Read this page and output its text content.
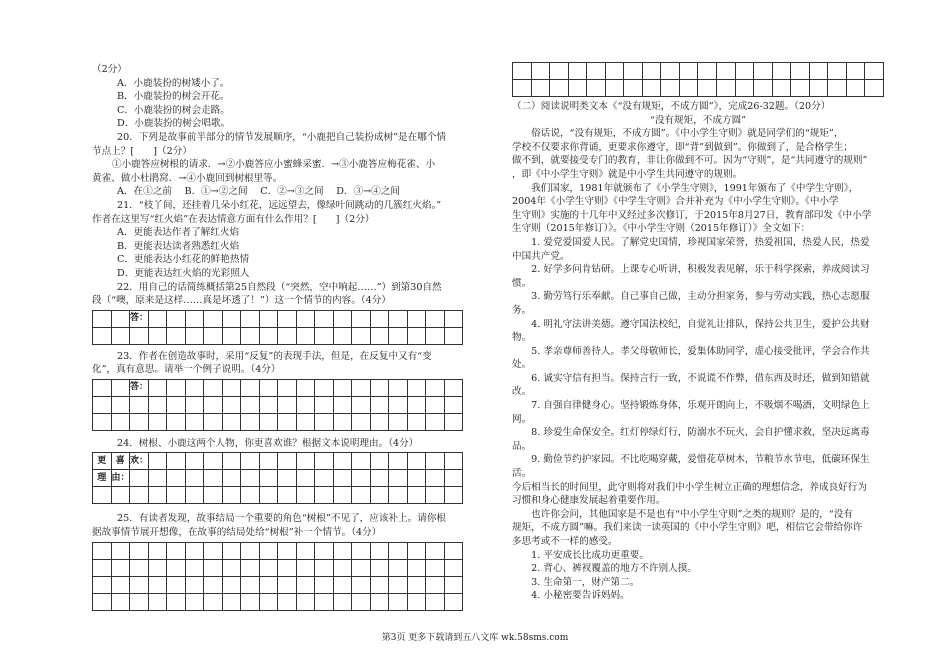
（2分）
A．小鹿装扮的树矮小了。
B．小鹿装扮的树会开花。
C．小鹿装扮的树会走路。
D．小鹿装扮的树会唱歌。
20．下列是故事前半部分的情节发展顺序，“小鹿把自己装扮成树”是在哪个情
节点上？[　　]（2分）
①小鹿答应树根的请求．→②小鹿答应小蜜蜂采蜜．→③小鹿答应梅花雀、小
黄雀、做小杜鹃窝．→④小鹿回到树根里等。
A．在①之前　 B．①→②之间　 C．②→③之间　 D．③→④之间
21．“枝丫间，还挂着几朵小红花，远远望去，像绿叶间跳动的几簇红火焰。”
作者在这里写“红火焰”在表达情意方面有什么作用？[　　]（2分）
A．更能表达作者了解红火焰
B．更能表达读者熟悉红火焰
C．更能表达小红花的鲜艳热情
D．更能表达红火焰的光彩照人
22．用自己的话简练概括第25自然段（“突然，空中响起……”）到第30自然
段（“噢，原来是这样……真是坏透了！”）这一个情节的内容。（4分）
		答：																	

23．作者在创造故事时，采用“反复”的表现手法，但是，在反复中又有“变
化”，真有意思。请举一个例子说明。（4分）
		答：																	

24．树根、小鹿这两个人物，你更喜欢谁？根据文本说明理由。（4分）
更	喜	欢：																	
理	由：																		

25．有读者发现，故事结局一个重要的角色“树根”不见了，应该补上。请你根
据故事情节展开想像，在故事的结局处给“树根”补一个情节。（4分）

（二）阅读说明类文本《“没有规矩，不成方圆”》，完成26-32题。（20分）
“没有规矩，不成方圆”
　　俗话说，“没有规矩，不成方圆”。《中小学生守则》就是同学们的“规矩”，
学校不仅要求你背诵，更要求你遵守，即“背”到做到”。你做到了，是合格学生；
做不到，就要接受专门的教育，非让你做到不可。因为“守则”，是“共同遵守的规则”
，即《中小学生守则》就是中小学生共同遵守的规则。
　　我们国家，1981年就颁布了《小学生守则》，1991年颁布了《中学生守则》，
2004年《小学生守则》《中学生守则》合并补充为《中小学生守则》。《中小学
生守则》实施的十几年中又经过多次修订，于2015年8月27日，教育部印发《中小学
生守则（2015年修订）》。《中小学生守则（2015年修订）》全文如下：
　　1. 爱党爱国爱人民。了解党史国情，珍视国家荣誉，热爱祖国，热爱人民，热爱
中国共产党。
　　2. 好学多问肯钻研。上课专心听讲，积极发表见解，乐于科学探索，养成阅读习
惯。
　　3. 勤劳笃行乐奉献。自己事自己做，主动分担家务，参与劳动实践，热心志愿服
务。
　　4. 明礼守法讲美德。遵守国法校纪，自觉礼让排队，保持公共卫生，爱护公共财
物。
　　5. 孝亲尊师善待人。孝父母敬师长，爱集体助同学，虚心接受批评，学会合作共
处。
　　6. 诚实守信有担当。保持言行一致，不说谎不作弊，借东西及时还，做到知错就
改。
　　7. 自强自律健身心。坚持锻炼身体，乐观开朗向上，不吸烟不喝酒，文明绿色上
网。
　　8. 珍爱生命保安全。红灯停绿灯行，防溺水不玩火，会自护懂求救，坚决远离毒
品。
　　9. 勤俭节约护家园。不比吃喝穿戴，爱惜花草树木，节粮节水节电，低碳环保生
活。
今后相当长的时间里，此守则将对我们中小学生树立正确的理想信念，养成良好行为
习惯和身心健康发展起着重要作用。
　　也许你会问，其他国家是不是也有“中小学生守则”之类的规则？是的，“没有
规矩，不成方圆”嘛。我们来读一读英国的《中小学生守则》吧，相信它会带给你许
多思考或不一样的感受。
　　1. 平安成长比成功更重要。
　　2. 背心、裤衩覆盖的地方不许别人摸。
　　3. 生命第一，财产第二。
　　4. 小秘密要告诉妈妈。
第3页 更多下载请到五八文库 wk.58sms.com
